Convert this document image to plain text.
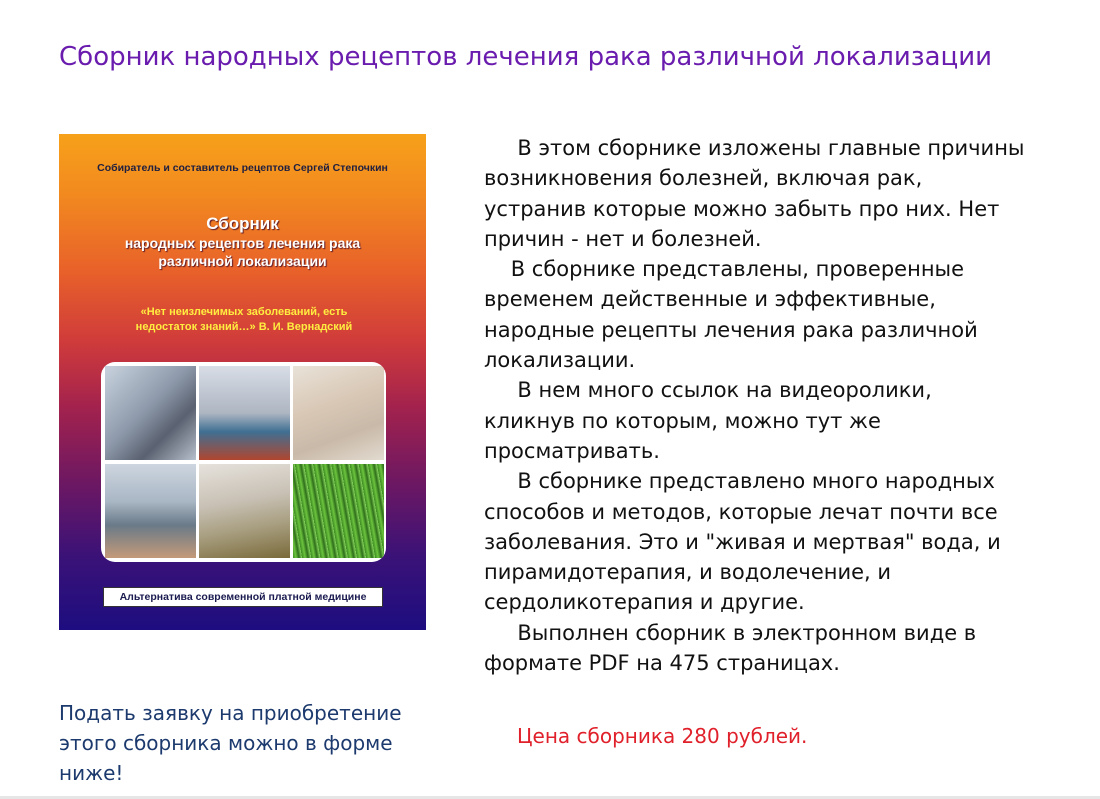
Сборник народных рецептов лечения рака различной локализации
Собиратель и составитель рецептов Сергей Степочкин
Сборник
народных рецептов лечения рака
различной локализации
«Нет неизлечимых заболеваний, есть
недостаток знаний…» В. И. Вернадский
Альтернатива современной платной медицине

В этом сборнике изложены главные причины

возникновения болезней, включая рак,

устранив которые можно забыть про них. Нет

причин - нет и болезней.

В сборнике представлены, проверенные

временем действенные и эффективные,

народные рецепты лечения рака различной

локализации.

В нем много ссылок на видеоролики,

кликнув по которым, можно тут же

просматривать.

В сборнике представлено много народных

способов и методов, которые лечат почти все

заболевания. Это и "живая и мертвая" вода, и

пирамидотерапия, и водолечение, и

сердоликотерапия и другие.

Выполнен сборник в электронном виде в

формате PDF на 475 страницах.

Подать заявку на приобретение
этого сборника можно в форме
ниже!
Цена сборника 280 рублей.
